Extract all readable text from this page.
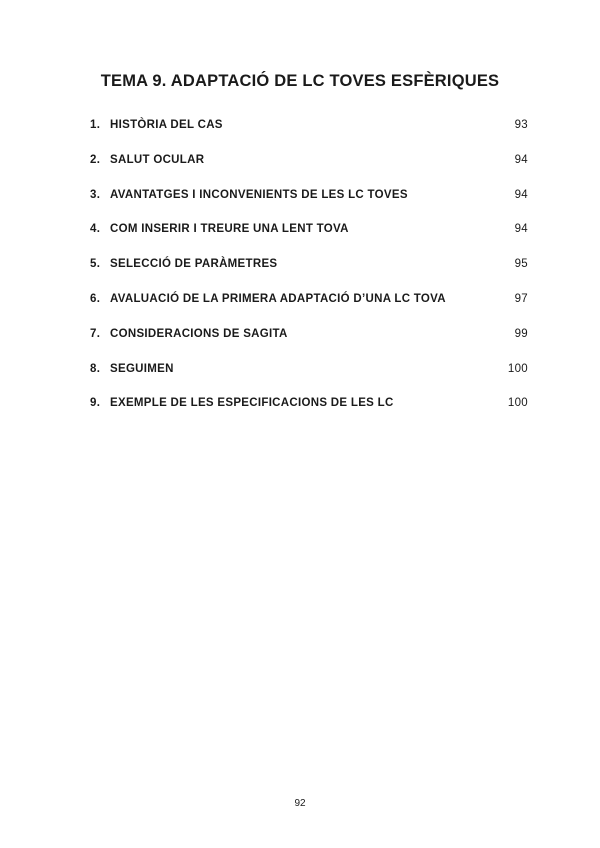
TEMA 9. ADAPTACIÓ DE LC TOVES ESFÈRIQUES
1. HISTÒRIA DEL CAS	93
2. SALUT OCULAR	94
3. AVANTATGES I INCONVENIENTS DE LES LC TOVES	94
4. COM INSERIR I TREURE UNA LENT TOVA	94
5. SELECCIÓ DE PARÀMETRES	95
6. AVALUACIÓ DE LA PRIMERA ADAPTACIÓ D’UNA LC TOVA	97
7. CONSIDERACIONS DE SAGITA	99
8. SEGUIMEN	100
9. EXEMPLE DE LES ESPECIFICACIONS DE LES LC	100
92
